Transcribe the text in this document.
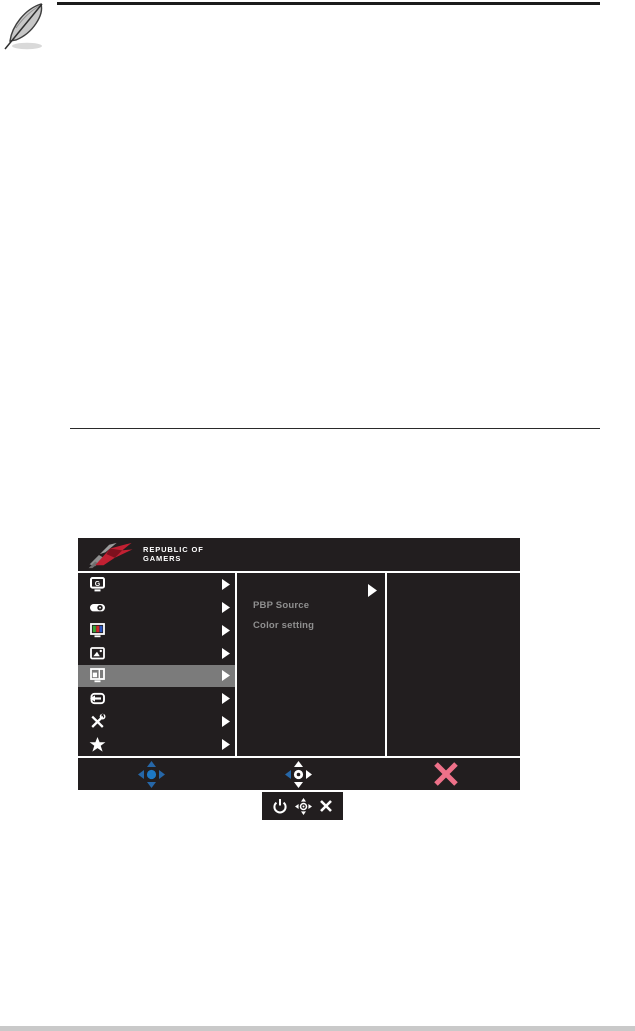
REPUBLIC OF
GAMERS
G
PBP Source
Color setting
